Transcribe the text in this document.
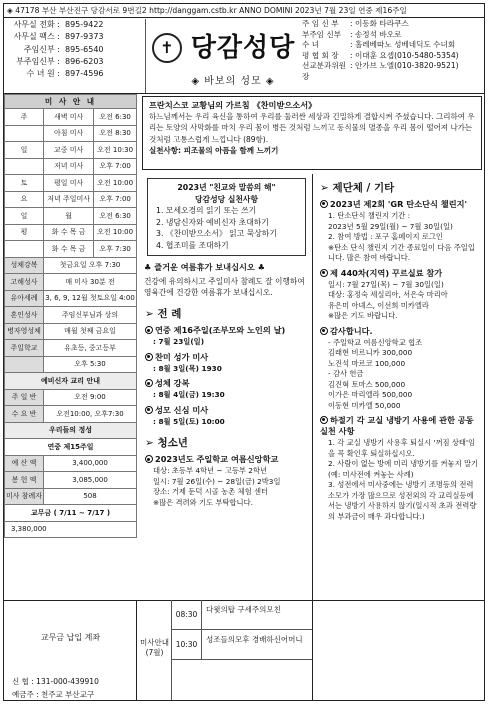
◈ 47178 부산 부산진구 당감서로 9번길2 http://danggam.cstb.kr ANNO DOMINI 2023년 7월 23일 연중 제16주일
사무실 전화 : 895-9422
사무실 팩스 : 897-9373
주임신부 : 895-6540
부주임신부 : 896-6203
수 녀 원 : 897-4596
✝ 당감성당
◈ 바보의 성모 ◈
주 임 신 부	: 이동화 타라쿠스
부주임 신부	: 송정석 바오로
수 녀	: 홀레베따노 성베네딕도 수녀회
평 협 회 장	: 이대훈 요셉(010-5480-5354)
선교분과위원장
: 안가브 노엘(010-3820-9521)
미 사 안 내		
주	새벽 미사	오전 6:30
	아침 미사	오전 8:30
일	교중 미사	오전 10:30
	저녁 미사	오후 7:00
토	평일 미사	오전 10:00
요	저녁 주일미사	오후 7:00
일	월	오전 6:30
평	화 수 목 금	오전 10:00
	화 수 목 금	오후 7:30
성체강복	첫금요일 오후 7:30	
고해성사	매 미사 30분 전	
유아세례	3, 6, 9, 12월 첫토요일 4:00	
혼인성사	주임신부님과 상의	
병자영성체	매월 첫째 금요일	
주일학교	유초등, 중고등부	
	오후 5:30	
예비신자 교리 안내		
주 일 반	오전 9:00	
수 요 반	오전10:00, 오후7:30	
우리들의 정성		
연중 제15주일		
예 산 액	3,400,000	
봉 헌 액	3,085,000	
미사 참례자	508	
교무금 ( 7/11 ~ 7/17 )		
3,380,000		
프란치스코 교황님의 가르침 《찬미받으소서》
하느님께서는 우리 육신을 통하여 우리를 둘러싼 세상과 긴밀하게 결합시켜 주셨습니다. 그리하여 우리는 토양의 사막화를 마치 우리 몸이 병든 것처럼 느끼고 동식물의 멸종을 우리 몸이 떨어져 나가는 것처럼 고통스럽게 느낍니다 (89항).
실천사항: 피조물의 아픔을 함께 느끼기
2023년 "친교와 말씀의 해"
당감성당 실천사항
1. 모세오경의 읽기 또는 쓰기
2. 냉담신자와 예비신자 초대하기
3. 《찬미받으소서》 읽고 묵상하기
4. 협조미를 조대하기
♣ 즐거운 여름휴가 보내십시오 ♣
건강에 유의하시고 주일미사 참례도 잘 이행하여 영육간에 건강한 여름휴가 보내십시오.
➢ 전 례
연중 제16주일(조부모와 노인의 날)
: 7월 23일(일)
찬미 성가 미사
: 8월 3일(목) 1930
성체 강복
: 8월 4일(금) 19:30
성모 신심 미사
: 8월 5일(토) 10:00
➢ 청소년
2023년도 주일학교 여름신앙학교
대상: 초등부 4학년 ~ 고등부 2학년
일시: 7월 26일(수) ~ 28일(금) 2박3일
장소: 거제 둔덕 시골 농촌 체험 센터
※많은 격려와 기도 부탁합니다.
➢ 제단체 / 기타
2023년 제2회 'GR 탄소단식 챌린지'
1. 탄소단식 챌린지 기간 :
2023년 5월 29일(월) ~ 7월 30일(일)
2. 참여 방법 : 포구 홈페이지 로그인
※탄소 단식 챌린지 기간 종료일이 다음 주일입니다. 많은 참여 바랍니다.
제 440차(지역) 꾸르실료 참가
일시: 7월 27일(목) ~ 7월 30일(일)
대상: 홍정숙 세실리아, 서은숙 마리아
유은미 아녜스, 이선희 미카엘라
※많은 기도 바랍니다.
감사합니다.
- 주일학교 여름신앙학교 협조
김래현 비르니카 300,000
노진석 마르코 100,000
- 감사 헌금
김진혁 토마스 500,000
이가은 마리엘라 500,000
이동현 미카엘 50,000
하절기 각 교실 냉방기 사용에 관한 공동 실천 사항
1. 각 교실 냉방기 사용후 퇴실시 '꺼짐 상태'임을 꼭 확인후 퇴실하십시오.
2. 사람이 없는 방에 미리 냉방기를 켜놓지 말기(예: 미사전에 켜놓는 사례)
3. 성전에서 미사중에는 냉방기 조명등의 전력 소모가 가장 많으므로 성전외의 각 교리실등에서는 냉방기 사용하지 않기(일시적 초과 전력량의 부과금이 매우 과다합니다.)
교무금 납입 계좌
신 협 : 131-000-439910
예금주 : 천주교 부산교구
미사안내(7월)
08:30
다윗의탑 구세주의모친
10:30
성조들의모후 경배하신어머니
